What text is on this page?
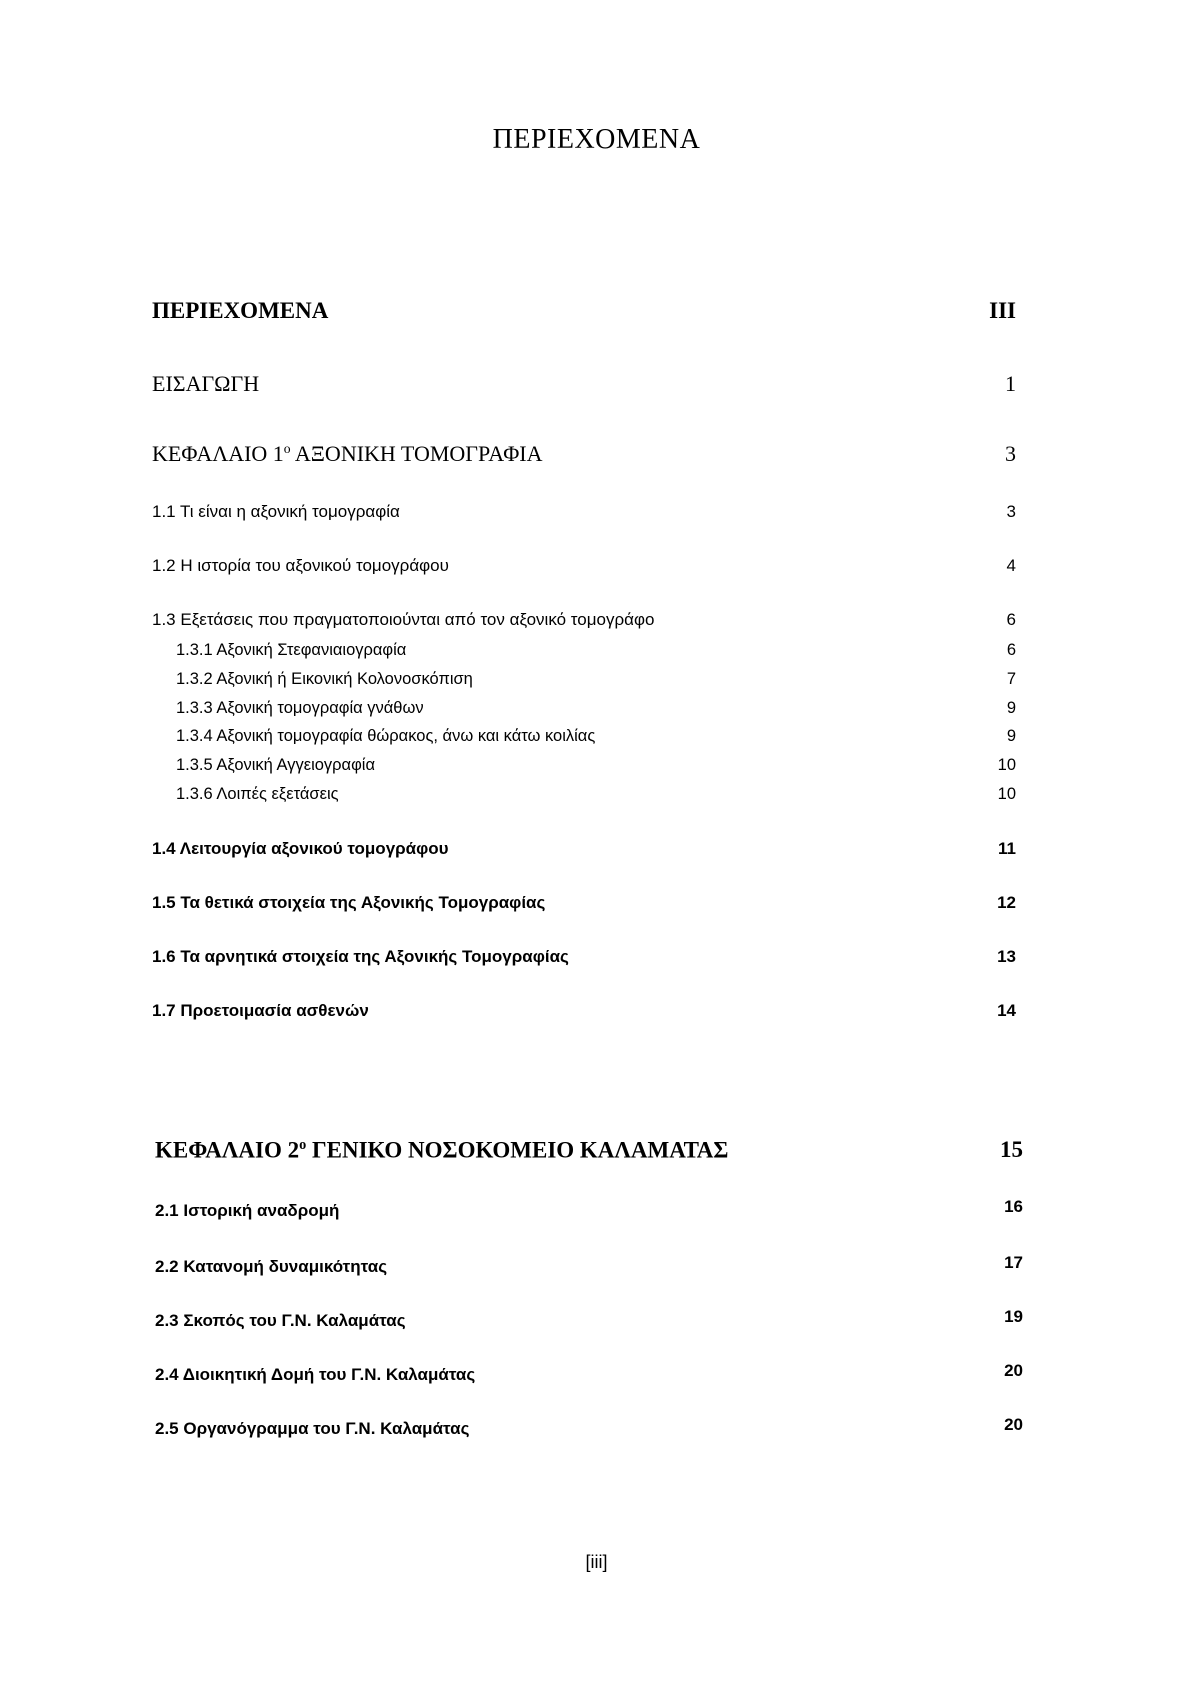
ΠΕΡΙΕΧΟΜΕΝΑ
ΠΕΡΙΕΧΟΜΕΝΑ	III
ΕΙΣΑΓΩΓΗ	1
ΚΕΦΑΛΑΙΟ $1^o$ ΑΞΟΝΙΚΗ ΤΟΜΟΓΡΑΦΙΑ	3
1.1 Τι είναι η αξονική τομογραφία	3
1.2 Η ιστορία του αξονικού τομογράφου	4
1.3 Εξετάσεις που πραγματοποιούνται από τον αξονικό τομογράφο	6
1.3.1 Αξονική Στεφανιαιογραφία	6
1.3.2 Αξονική ή Εικονική Κολονοσκόπιση	7
1.3.3 Αξονική τομογραφία γνάθων	9
1.3.4 Αξονική τομογραφία θώρακος, άνω και κάτω κοιλίας	9
1.3.5 Αξονική Αγγειογραφία	10
1.3.6 Λοιπές εξετάσεις	10
1.4 Λειτουργία αξονικού τομογράφου	11
1.5 Τα θετικά στοιχεία της Αξονικής Τομογραφίας	12
1.6 Τα αρνητικά στοιχεία της Αξονικής Τομογραφίας	13
1.7 Προετοιμασία ασθενών	14
ΚΕΦΑΛΑΙΟ $2^o$ ΓΕΝΙΚΟ ΝΟΣΟΚΟΜΕΙΟ ΚΑΛΑΜΑΤΑΣ	15
2.1 Ιστορική αναδρομή	16
2.2 Κατανομή δυναμικότητας	17
2.3 Σκοπός του Γ.Ν. Καλαμάτας	19
2.4 Διοικητική Δομή του Γ.Ν. Καλαμάτας	20
2.5 Οργανόγραμμα του Γ.Ν. Καλαμάτας	20
[iii]
